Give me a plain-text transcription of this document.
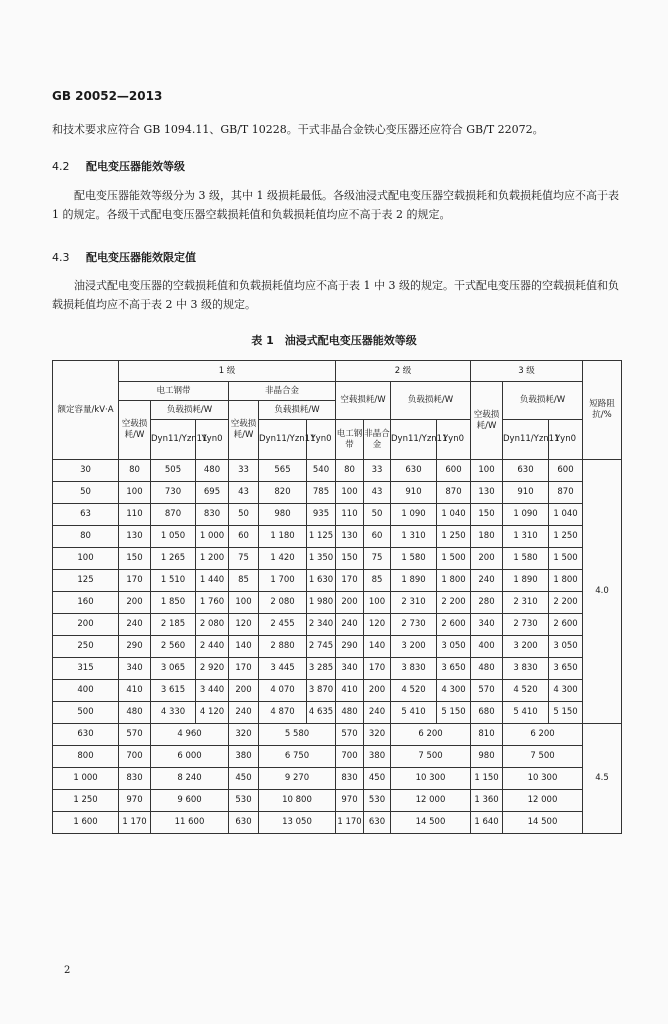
GB 20052—2013
和技术要求应符合 GB 1094.11、GB/T 10228。干式非晶合金铁心变压器还应符合 GB/T 22072。
4.2 配电变压器能效等级
配电变压器能效等级分为 3 级，其中 1 级损耗最低。各级油浸式配电变压器空载损耗和负载损耗值均应不高于表 1 的规定。各级干式配电变压器空载损耗值和负载损耗值均应不高于表 2 的规定。
4.3 配电变压器能效限定值
油浸式配电变压器的空载损耗值和负载损耗值均应不高于表 1 中 3 级的规定。干式配电变压器的空载损耗值和负载损耗值均应不高于表 2 中 3 级的规定。
表 1　油浸式配电变压器能效等级
额定容量/kV·A	1 级						2 级				3 级			短路阻抗/%
	电工钢带			非晶合金			空载损耗/W		负载损耗/W		空载损耗/W	负载损耗/W		
	空载损耗/W	负载损耗/W		空载损耗/W	负载损耗/W									
		Dyn11/Yzn11	Yyn0		Dyn11/Yzn11	Yyn0	电工钢带	非晶合金	Dyn11/Yzn11	Yyn0		Dyn11/Yzn11	Yyn0	
30	80	505	480	33	565	540	80	33	630	600	100	630	600	4.0
50	100	730	695	43	820	785	100	43	910	870	130	910	870	
63	110	870	830	50	980	935	110	50	1 090	1 040	150	1 090	1 040	
80	130	1 050	1 000	60	1 180	1 125	130	60	1 310	1 250	180	1 310	1 250	
100	150	1 265	1 200	75	1 420	1 350	150	75	1 580	1 500	200	1 580	1 500	
125	170	1 510	1 440	85	1 700	1 630	170	85	1 890	1 800	240	1 890	1 800	
160	200	1 850	1 760	100	2 080	1 980	200	100	2 310	2 200	280	2 310	2 200	
200	240	2 185	2 080	120	2 455	2 340	240	120	2 730	2 600	340	2 730	2 600	
250	290	2 560	2 440	140	2 880	2 745	290	140	3 200	3 050	400	3 200	3 050	
315	340	3 065	2 920	170	3 445	3 285	340	170	3 830	3 650	480	3 830	3 650	
400	410	3 615	3 440	200	4 070	3 870	410	200	4 520	4 300	570	4 520	4 300	
500	480	4 330	4 120	240	4 870	4 635	480	240	5 410	5 150	680	5 410	5 150	
630	570	4 960		320	5 580		570	320	6 200		810	6 200		4.5
800	700	6 000		380	6 750		700	380	7 500		980	7 500		
1 000	830	8 240		450	9 270		830	450	10 300		1 150	10 300		
1 250	970	9 600		530	10 800		970	530	12 000		1 360	12 000		
1 600	1 170	11 600		630	13 050		1 170	630	14 500		1 640	14 500		
2
